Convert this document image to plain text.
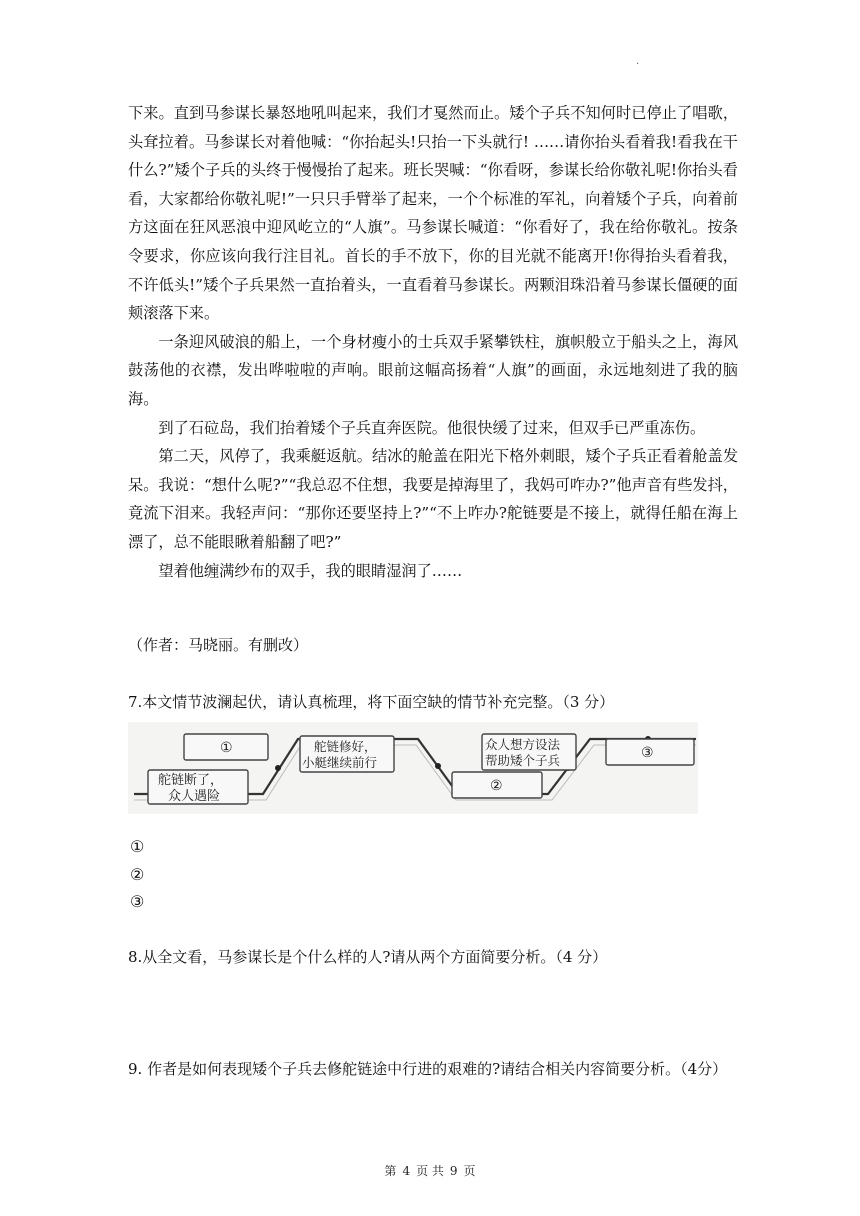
.

下来。直到马参谋长暴怒地吼叫起来，我们才戛然而止。矮个子兵不知何时已停止了唱歌，头耷拉着。马参谋长对着他喊：“你抬起头!只抬一下头就行! ……请你抬头看着我!看我在干什么?”矮个子兵的头终于慢慢抬了起来。班长哭喊：“你看呀，参谋长给你敬礼呢!你抬头看看，大家都给你敬礼呢!”一只只手臂举了起来，一个个标准的军礼，向着矮个子兵，向着前方这面在狂风恶浪中迎风屹立的“人旗”。马参谋长喊道：“你看好了，我在给你敬礼。按条令要求，你应该向我行注目礼。首长的手不放下，你的目光就不能离开!你得抬头看着我，不许低头!”矮个子兵果然一直抬着头，一直看着马参谋长。两颗泪珠沿着马参谋长僵硬的面颊滚落下来。

一条迎风破浪的船上，一个身材瘦小的士兵双手紧攀铁柱，旗帜般立于船头之上，海风鼓荡他的衣襟，发出哗啦啦的声响。眼前这幅高扬着“人旗”的画面，永远地刻进了我的脑海。

到了石砬岛，我们抬着矮个子兵直奔医院。他很快缓了过来，但双手已严重冻伤。

第二天，风停了，我乘艇返航。结冰的舱盖在阳光下格外刺眼，矮个子兵正看着舱盖发呆。我说：“想什么呢?”“我总忍不住想，我要是掉海里了，我妈可咋办?”他声音有些发抖，竟流下泪来。我轻声问：“那你还要坚持上?”“不上咋办?舵链要是不接上，就得任船在海上漂了，总不能眼瞅着船翻了吧?”

望着他缠满纱布的双手，我的眼睛湿润了……

（作者：马晓丽。有删改）
7.本文情节波澜起伏，请认真梳理，将下面空缺的情节补充完整。（3 分）
舵链断了，
众人遇险
①	舵链修好，
小艇继续前行
②
众人想方设法
帮助矮个子兵	③
①
②
③
8.从全文看，马参谋长是个什么样的人?请从两个方面简要分析。（4 分）
9. 作者是如何表现矮个子兵去修舵链途中行进的艰难的?请结合相关内容简要分析。（4分）
第 4 页 共 9 页
